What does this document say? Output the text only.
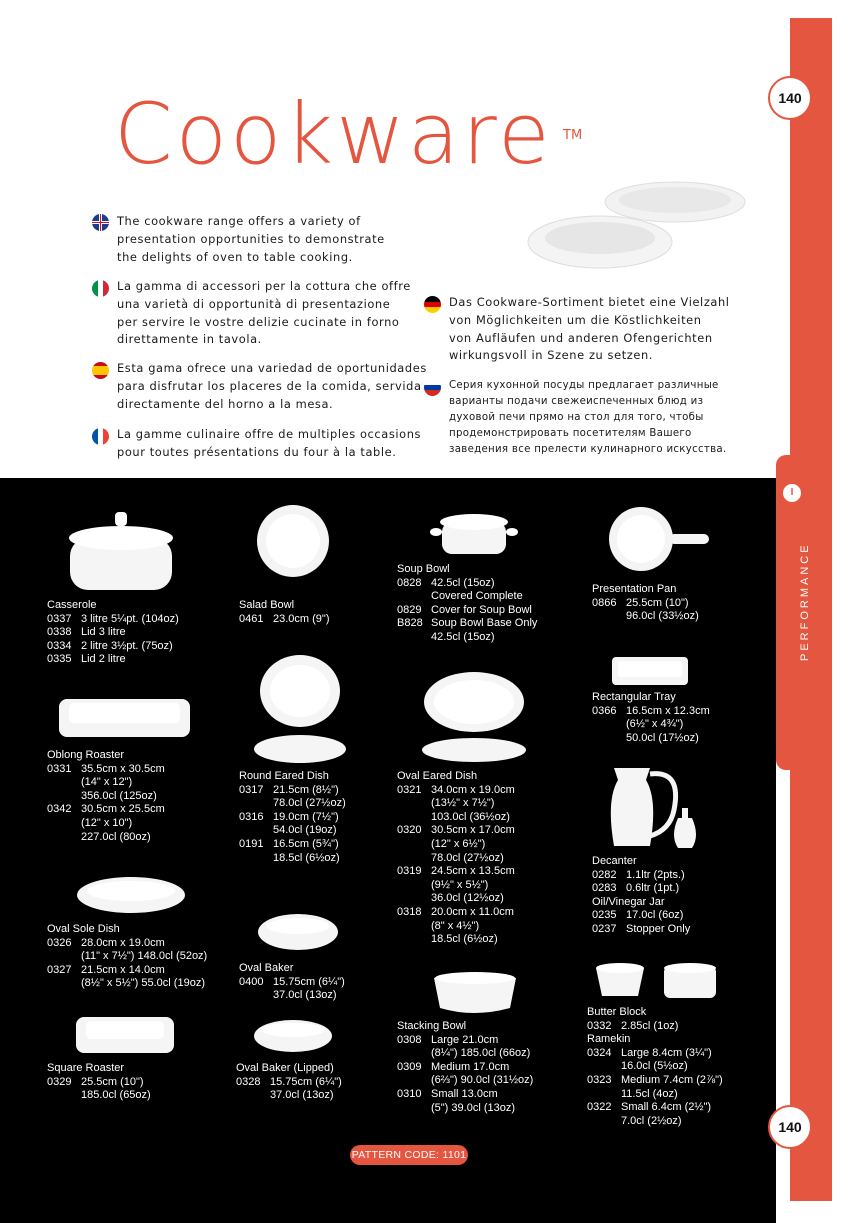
140
Cookware TM
The cookware range offers a variety of
presentation opportunities to demonstrate
the delights of oven to table cooking.
La gamma di accessori per la cottura che offre
una varietà di opportunità di presentazione
per servire le vostre delizie cucinate in forno
direttamente in tavola.
Esta gama ofrece una variedad de oportunidades
para disfrutar los placeres de la comida, servida
directamente del horno a la mesa.
La gamme culinaire offre de multiples occasions
pour toutes présentations du four à la table.
Das Cookware-Sortiment bietet eine Vielzahl
von Möglichkeiten um die Köstlichkeiten
von Aufläufen und anderen Ofengerichten
wirkungsvoll in Szene zu setzen.
Серия кухонной посуды предлагает различные
варианты подачи свежеиспеченных блюд из
духовой печи прямо на стол для того, чтобы
продемонстрировать посетителям Вашего
заведения все прелести кулинарного искусства.
I
PERFORMANCE
140
Casserole
0337 3 litre 5¼pt. (104oz)
0338 Lid 3 litre
0334 2 litre 3½pt. (75oz)
0335 Lid 2 litre
Salad Bowl
0461 23.0cm (9")
Soup Bowl
0828 42.5cl (15oz)
Covered Complete
0829 Cover for Soup Bowl
B828 Soup Bowl Base Only
42.5cl (15oz)
Presentation Pan
0866 25.5cm (10")
96.0cl (33½oz)
Rectangular Tray
0366 16.5cm x 12.3cm
(6½" x 4¾")
50.0cl (17½oz)
Oblong Roaster
0331 35.5cm x 30.5cm
(14" x 12")
356.0cl (125oz)
0342 30.5cm x 25.5cm
(12" x 10")
227.0cl (80oz)
Round Eared Dish
0317 21.5cm (8½")
78.0cl (27½oz)
0316 19.0cm (7½")
54.0cl (19oz)
0191 16.5cm (5¾")
18.5cl (6½oz)
Oval Eared Dish
0321 34.0cm x 19.0cm
(13½" x 7½")
103.0cl (36½oz)
0320 30.5cm x 17.0cm
(12" x 6½")
78.0cl (27½oz)
0319 24.5cm x 13.5cm
(9½" x 5½")
36.0cl (12½oz)
0318 20.0cm x 11.0cm
(8" x 4½")
18.5cl (6½oz)
Decanter
0282 1.1ltr (2pts.)
0283 0.6ltr (1pt.)
Oil/Vinegar Jar
0235 17.0cl (6oz)
0237 Stopper Only
Oval Sole Dish
0326 28.0cm x 19.0cm
(11" x 7½") 148.0cl (52oz)
0327 21.5cm x 14.0cm
(8½" x 5½") 55.0cl (19oz)
Oval Baker
0400 15.75cm (6¼")
37.0cl (13oz)
Stacking Bowl
0308 Large 21.0cm
(8¼") 185.0cl (66oz)
0309 Medium 17.0cm
(6⅔") 90.0cl (31½oz)
0310 Small 13.0cm
(5") 39.0cl (13oz)
Butter Block
0332 2.85cl (1oz)
Ramekin
0324 Large 8.4cm (3¼")
16.0cl (5½oz)
0323 Medium 7.4cm (2⅞")
11.5cl (4oz)
0322 Small 6.4cm (2½")
7.0cl (2½oz)
Square Roaster
0329 25.5cm (10")
185.0cl (65oz)
Oval Baker (Lipped)
0328 15.75cm (6¼")
37.0cl (13oz)
PATTERN CODE: 1101
